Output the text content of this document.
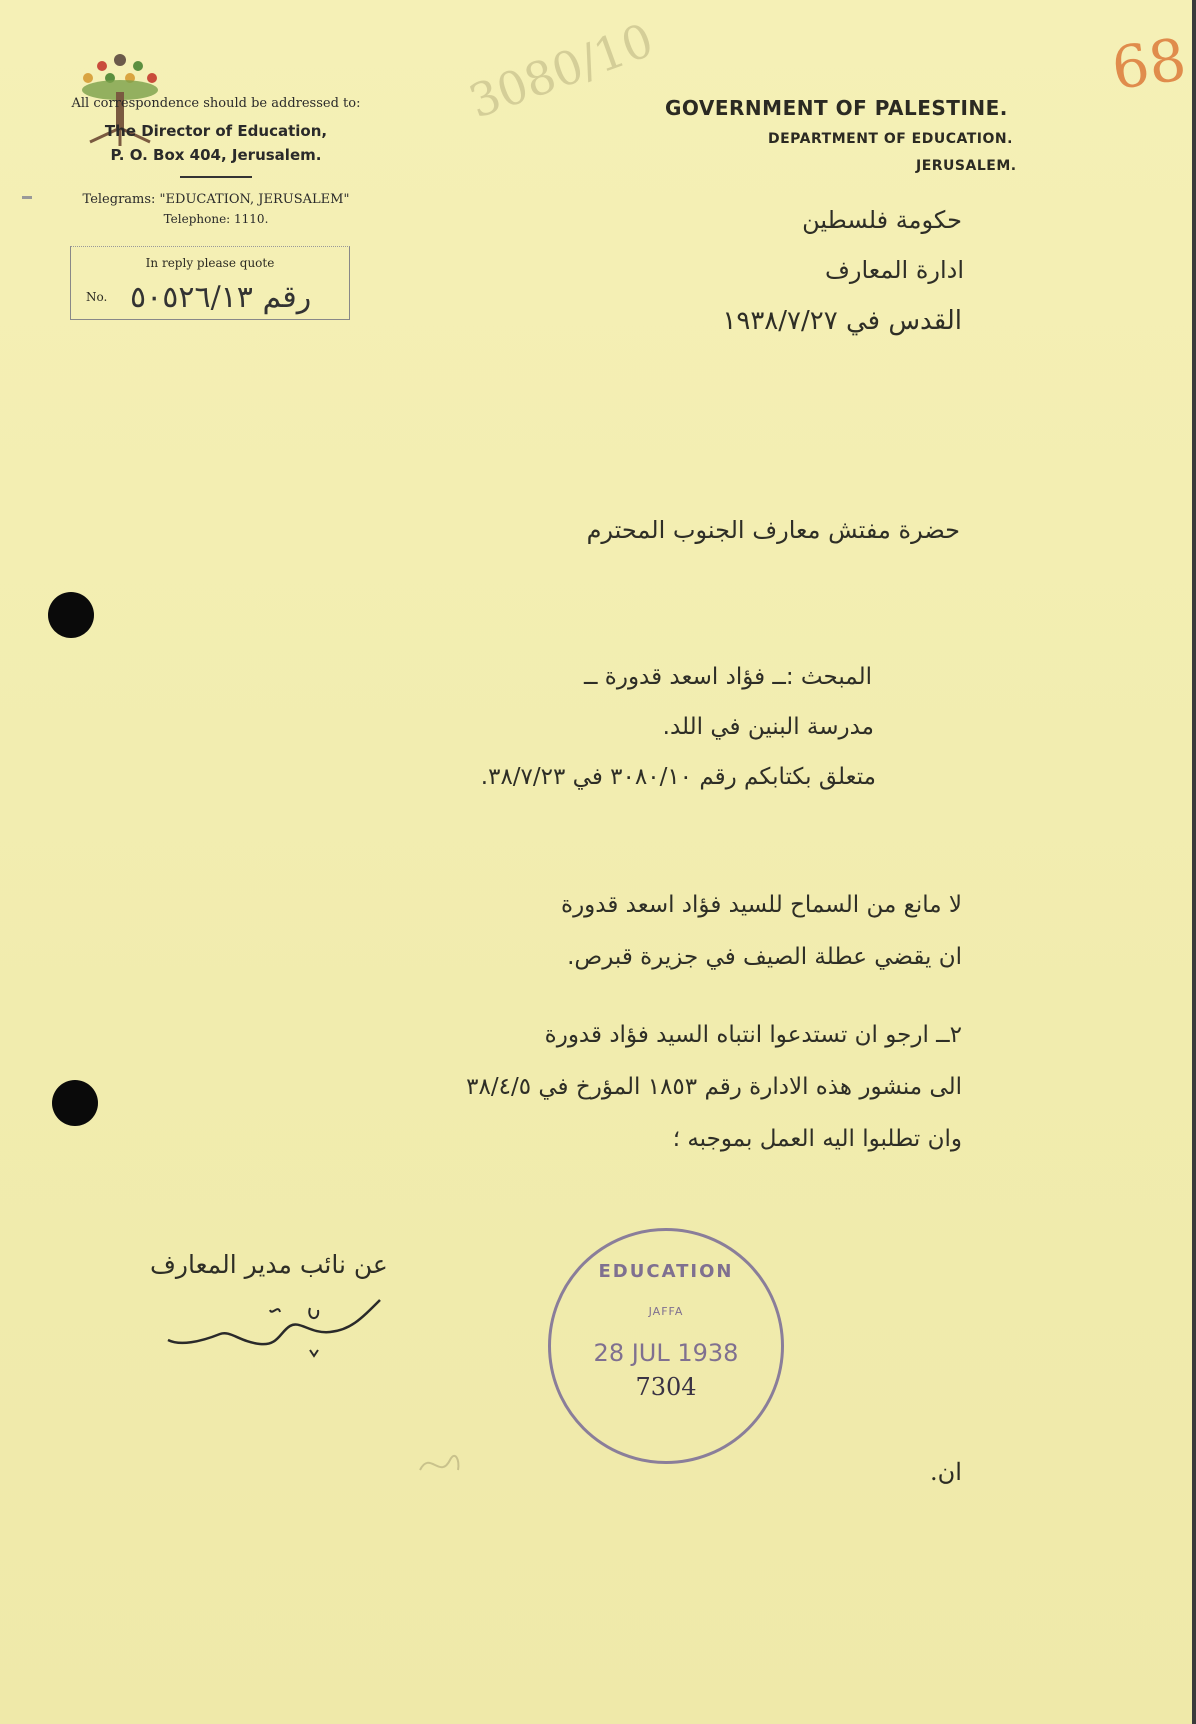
All correspondence should be addressed to:
The Director of Education,
P. O. Box 404, Jerusalem.
Telegrams: "EDUCATION, JERUSALEM"
Telephone: 1110.
In reply please quote
No. رقم ٥٠٥٢٦/١٣
3080/10	68
GOVERNMENT OF PALESTINE.
DEPARTMENT OF EDUCATION.
JERUSALEM.
حكومة فلسطين
ادارة المعارف
القدس في ١٩٣٨/٧/٢٧
حضرة مفتش معارف الجنوب المحترم
المبحث :ــ فؤاد اسعد قدورة ــ
مدرسة البنين في اللد.
متعلق بكتابكم رقم ٣٠٨٠/١٠ في ٣٨/٧/٢٣.
لا مانع من السماح للسيد فؤاد اسعد قدورة
ان يقضي عطلة الصيف في جزيرة قبرص.
٢ــ ارجو ان تستدعوا انتباه السيد فؤاد قدورة
الى منشور هذه الادارة رقم ١٨٥٣ المؤرخ في ٣٨/٤/٥
وان تطلبوا اليه العمل بموجبه ؛
عن نائب مدير المعارف	EDUCATION
JAFFA
28 JUL 1938
7304
ان.
